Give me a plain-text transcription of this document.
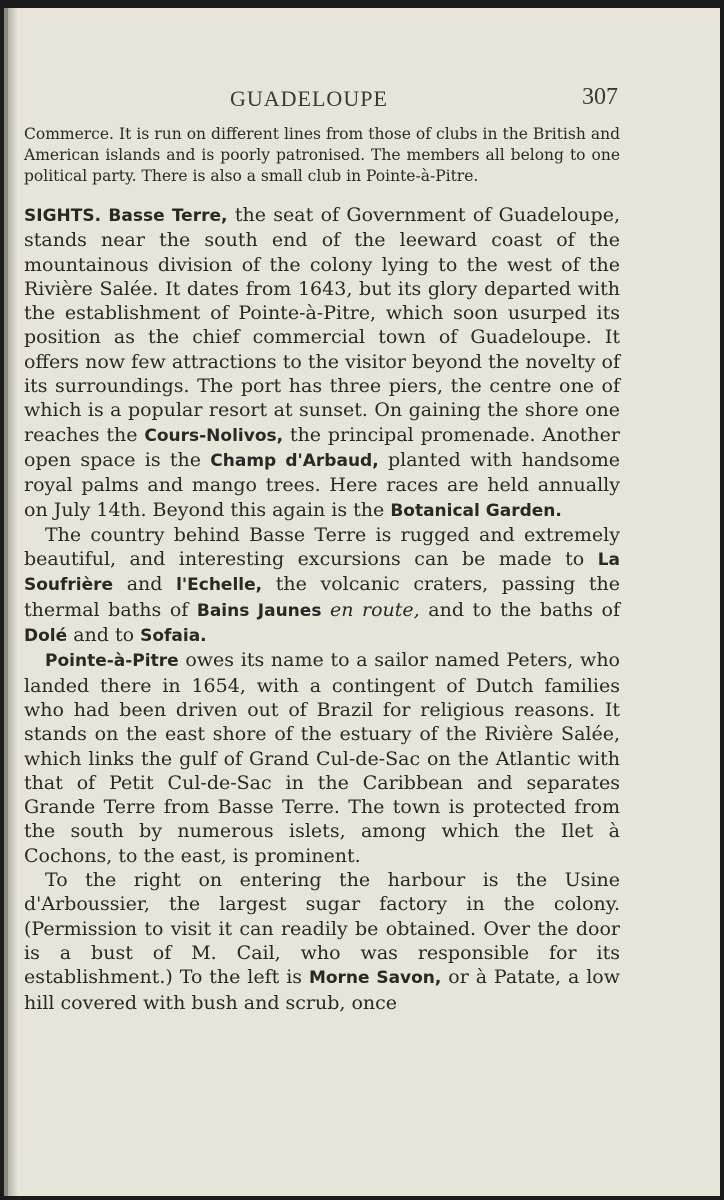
GUADELOUPE	307

Commerce. It is run on different lines from those of clubs in the British and American islands and is poorly patronised. The members all belong to one political party. There is also a small club in Pointe-à-Pitre.

SIGHTS. Basse Terre, the seat of Government of Guadeloupe, stands near the south end of the leeward coast of the mountainous division of the colony lying to the west of the Rivière Salée. It dates from 1643, but its glory departed with the establishment of Pointe-à-Pitre, which soon usurped its position as the chief commercial town of Guadeloupe. It offers now few attractions to the visitor beyond the novelty of its surroundings. The port has three piers, the centre one of which is a popular resort at sunset. On gaining the shore one reaches the Cours-Nolivos, the principal promenade. Another open space is the Champ d'Arbaud, planted with handsome royal palms and mango trees. Here races are held annually on July 14th. Beyond this again is the Botanical Garden.

The country behind Basse Terre is rugged and extremely beautiful, and interesting excursions can be made to La Soufrière and l'Echelle, the volcanic craters, passing the thermal baths of Bains Jaunes en route, and to the baths of Dolé and to Sofaia.

Pointe-à-Pitre owes its name to a sailor named Peters, who landed there in 1654, with a contingent of Dutch families who had been driven out of Brazil for religious reasons. It stands on the east shore of the estuary of the Rivière Salée, which links the gulf of Grand Cul-de-Sac on the Atlantic with that of Petit Cul-de-Sac in the Caribbean and separates Grande Terre from Basse Terre. The town is protected from the south by numerous islets, among which the Ilet à Cochons, to the east, is prominent.

To the right on entering the harbour is the Usine d'Arboussier, the largest sugar factory in the colony. (Permission to visit it can readily be obtained. Over the door is a bust of M. Cail, who was responsible for its establishment.) To the left is Morne Savon, or à Patate, a low hill covered with bush and scrub, once
